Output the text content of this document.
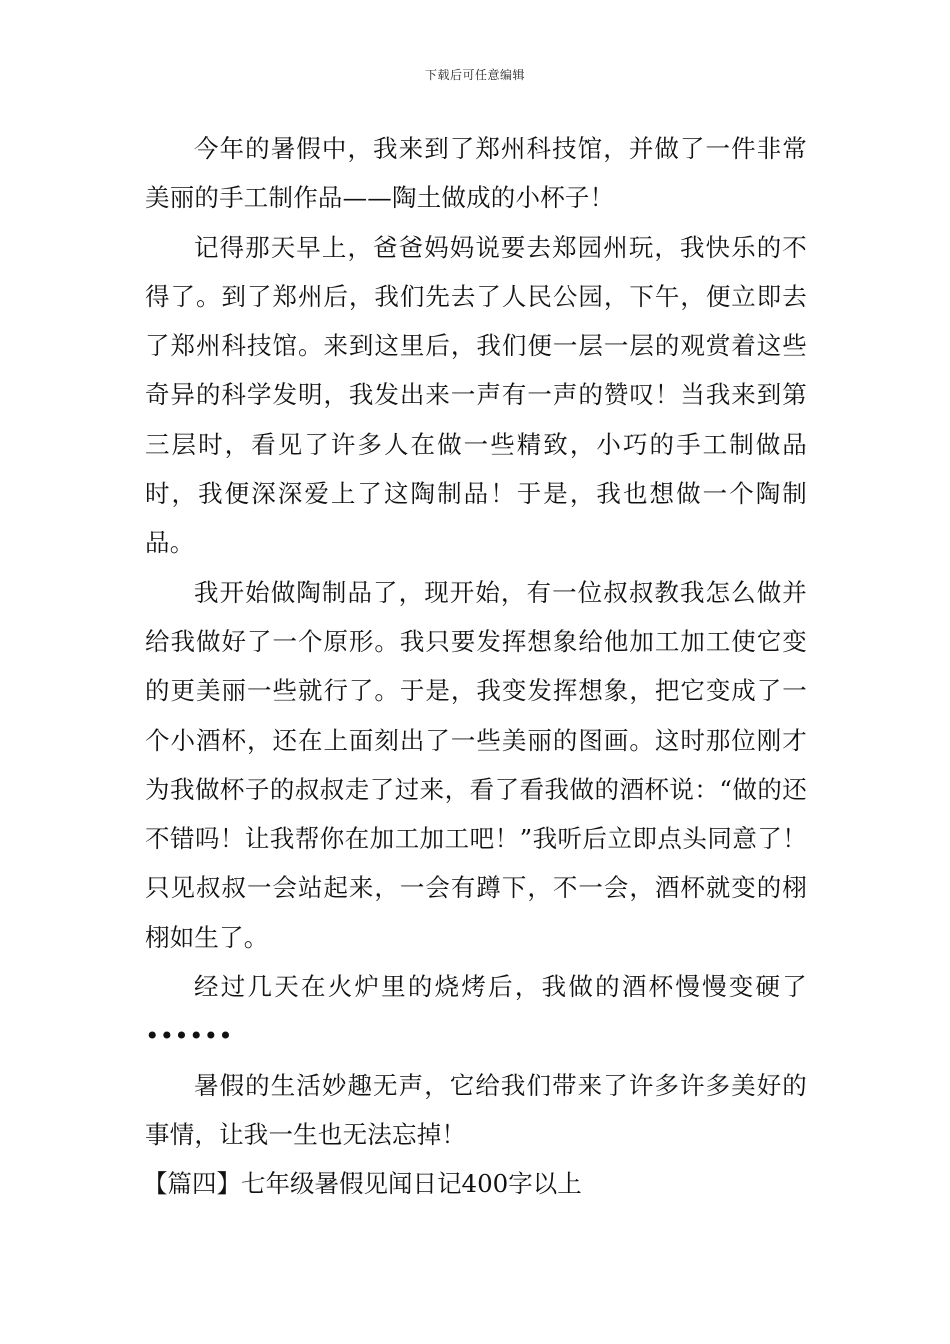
下载后可任意编辑

今年的暑假中，我来到了郑州科技馆，并做了一件非常美丽的手工制作品——陶土做成的小杯子！

记得那天早上，爸爸妈妈说要去郑园州玩，我快乐的不得了。到了郑州后，我们先去了人民公园，下午，便立即去了郑州科技馆。来到这里后，我们便一层一层的观赏着这些奇异的科学发明，我发出来一声有一声的赞叹！当我来到第三层时，看见了许多人在做一些精致，小巧的手工制做品时，我便深深爱上了这陶制品！于是，我也想做一个陶制品。

我开始做陶制品了，现开始，有一位叔叔教我怎么做并给我做好了一个原形。我只要发挥想象给他加工加工使它变的更美丽一些就行了。于是，我变发挥想象，把它变成了一个小酒杯，还在上面刻出了一些美丽的图画。这时那位刚才为我做杯子的叔叔走了过来，看了看我做的酒杯说：“做的还不错吗！让我帮你在加工加工吧！”我听后立即点头同意了！只见叔叔一会站起来，一会有蹲下，不一会，酒杯就变的栩栩如生了。

经过几天在火炉里的烧烤后，我做的酒杯慢慢变硬了••••••

暑假的生活妙趣无声，它给我们带来了许多许多美好的事情，让我一生也无法忘掉！

【篇四】七年级暑假见闻日记400字以上
